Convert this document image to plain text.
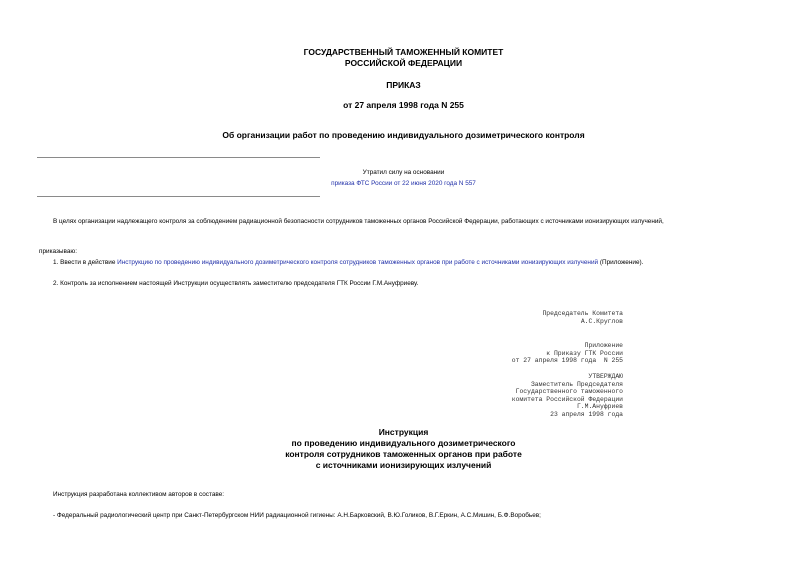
ГОСУДАРСТВЕННЫЙ ТАМОЖЕННЫЙ КОМИТЕТ
РОССИЙСКОЙ ФЕДЕРАЦИИ
ПРИКАЗ
от 27 апреля 1998 года N 255
Об организации работ по проведению индивидуального дозиметрического контроля
Утратил силу на основании
приказа ФТС России от 22 июня 2020 года N 557
В целях организации надлежащего контроля за соблюдением радиационной безопасности сотрудников таможенных органов Российской Федерации, работающих с источниками ионизирующих излучений,
приказываю:
1. Ввести в действие Инструкцию по проведению индивидуального дозиметрического контроля сотрудников таможенных органов при работе с источниками ионизирующих излучений (Приложение).
2. Контроль за исполнением настоящей Инструкции осуществлять заместителю председателя ГТК России Г.М.Ануфриеву.
Председатель Комитета
А.С.Круглов
Приложение
к Приказу ГТК России
от 27 апреля 1998 года  N 255
УТВЕРЖДАЮ
Заместитель Председателя
Государственного таможенного
комитета Российской Федерации
Г.М.Ануфриев
23 апреля 1998 года
Инструкция
по проведению индивидуального дозиметрического
контроля сотрудников таможенных органов при работе
с источниками ионизирующих излучений
Инструкция разработана коллективом авторов в составе:
- Федеральный радиологический центр при Санкт-Петербургском НИИ радиационной гигиены: А.Н.Барковский, В.Ю.Голиков, В.Г.Еркин, А.С.Мишин, Б.Ф.Воробьев;
